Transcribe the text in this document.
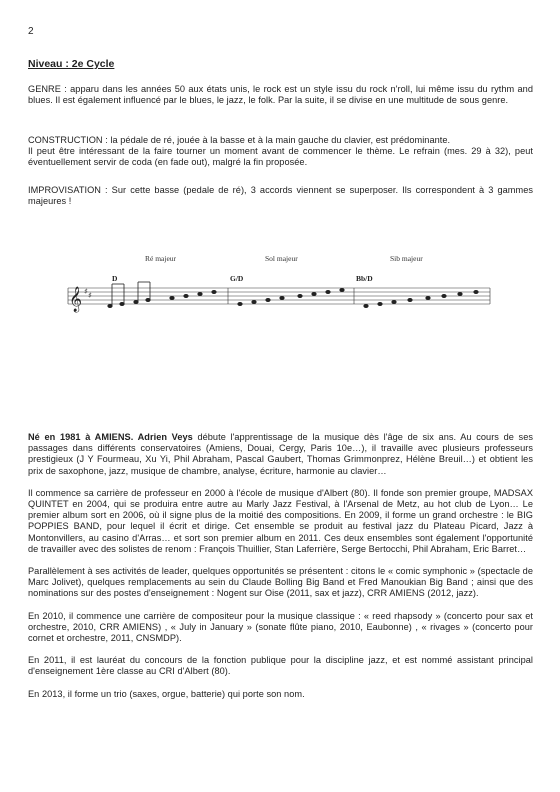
2
Niveau : 2e Cycle

GENRE : apparu dans les années 50 aux états unis, le rock est un style issu du rock n'roll, lui même issu du rythm and blues. Il est également influencé par le blues, le jazz, le folk. Par la suite, il se divise en une multitude de sous genre.

CONSTRUCTION : la pédale de ré, jouée à la basse et à la main gauche du clavier, est prédominante.

Il peut être intéressant de la faire tourner un moment avant de commencer le thème. Le refrain (mes. 29 à 32), peut éventuellement servir de coda (en fade out), malgré la fin proposée.

IMPROVISATION : Sur cette basse (pedale de ré), 3 accords viennent se superposer. Ils correspondent à 3 gammes majeures !

Ré majeur	Sol majeur	Sib majeur
D	G/D	Bb/D
𝄞 ♯ ♯

Né en 1981 à AMIENS. Adrien Veys débute l'apprentissage de la musique dès l'âge de six ans. Au cours de ses passages dans différents conservatoires (Amiens, Douai, Cergy, Paris 10e…), il travaille avec plusieurs professeurs prestigieux (J Y Fourmeau, Xu Yi, Phil Abraham, Pascal Gaubert, Thomas Grimmonprez, Hélène Breuil…) et obtient les prix de saxophone, jazz, musique de chambre, analyse, écriture, harmonie au clavier…

Il commence sa carrière de professeur en 2000 à l'école de musique d'Albert (80). Il fonde son premier groupe, MADSAX QUINTET en 2004, qui se produira entre autre au Marly Jazz Festival, à l'Arsenal de Metz, au hot club de Lyon… Le premier album sort en 2006, où il signe plus de la moitié des compositions. En 2009, il forme un grand orchestre : le BIG POPPIES BAND, pour lequel il écrit et dirige. Cet ensemble se produit au festival jazz du Plateau Picard, Jazz à Montonvillers, au casino d'Arras… et sort son premier album en 2011. Ces deux ensembles sont également l'opportunité de travailler avec des solistes de renom : François Thuillier, Stan Laferrière, Serge Bertocchi, Phil Abraham, Eric Barret…

Parallèlement à ses activités de leader, quelques opportunités se présentent : citons le « comic symphonic » (spectacle de Marc Jolivet), quelques remplacements au sein du Claude Bolling Big Band et Fred Manoukian Big Band ; ainsi que des nominations sur des postes d'enseignement : Nogent sur Oise (2011, sax et jazz), CRR AMIENS (2012, jazz).

En 2010, il commence une carrière de compositeur pour la musique classique : « reed rhapsody » (concerto pour sax et orchestre, 2010, CRR AMIENS) , « July in January » (sonate flûte piano, 2010, Eaubonne) , « rivages » (concerto pour cornet et orchestre, 2011, CNSMDP).

En 2011, il est lauréat du concours de la fonction publique pour la discipline jazz, et est nommé assistant principal d'enseignement 1ère classe au CRI d'Albert (80).

En 2013, il forme un trio (saxes, orgue, batterie) qui porte son nom.
